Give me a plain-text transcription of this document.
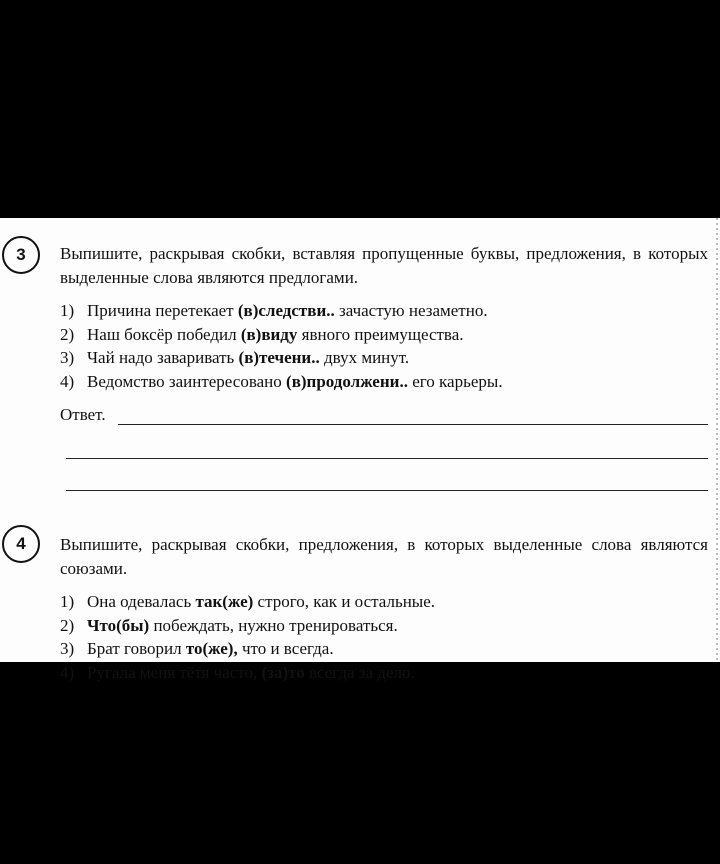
3	Выпишите, раскрывая скобки, вставляя пропущенные буквы, предложения, в которых выделенные слова являются предлогами.
1) Причина перетекает (в)следстви.. зачастую незаметно.
2) Наш боксёр победил (в)виду явного преимущества.
3) Чай надо заваривать (в)течени.. двух минут.
4) Ведомство заинтересовано (в)продолжени.. его карьеры.
Ответ.
4	Выпишите, раскрывая скобки, предложения, в которых выделенные слова являются союзами.
1) Она одевалась так(же) строго, как и остальные.
2) Что(бы) побеждать, нужно тренироваться.
3) Брат говорил то(же), что и всегда.
4) Ругала меня тётя часто, (за)то всегда за дело.
